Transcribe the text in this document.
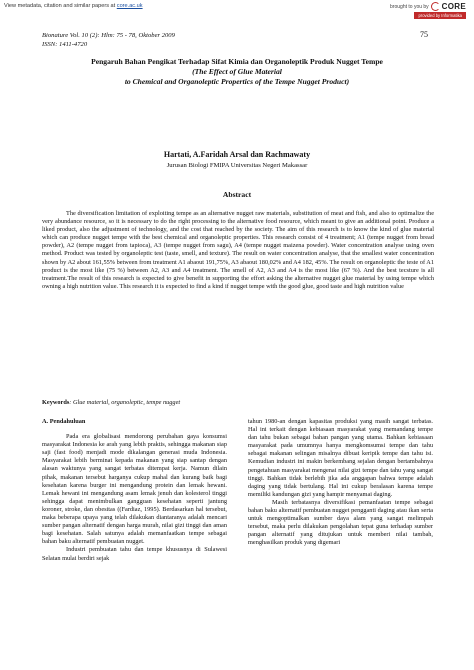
View metadata, citation and similar papers at core.ac.uk	brought to you by CORE
provided by Informatika
Bionature Vol. 10 (2): Hlm: 75 - 78, Oktober 2009
ISSN: 1411-4720
75
Pengaruh Bahan Pengikat Terhadap Sifat Kimia dan Organoleptik Produk Nugget Tempe
(The Effect of Glue Material
to Chemical and Organoleptic Propertics of the Tempe Nugget Product)
Hartati, A.Faridah Arsal dan Rachmawaty
Jurusan Biologi FMIPA Universitas Negeri Makassar
Abstract

The diversification limitation of exploiting tempe as an alternative nugget raw materials, substitution of meat and fish, and also to optimalize the very abundance resource, so it is necessary to do the right processing to the alternative food resource, which meant to give an additional point. Produce a liked product, also the adjustment of technology, and the cost that reached by the society. The aim of this research is to know the kind of glue material which can produce nugget tempe with the best chemical and organoleptic properties. This research consist of 4 treatment; A1 (tempe nugget from bread powder), A2 (tempe nugget from tapioca), A3 (tempe nugget from sagu), A4 (tempe nugget maizena powder). Water concentration analyse using oven method. Product was tested by organoleptic test (taste, smell, and texture). The result on water concentration analyse, that the smallest water concentration shown by A2 about 161,55% between from treatment A1 abaout 191,75%, A3 abaout 180,02% and A4 182, 45%. The result on organoleptic the teste of A1 product is the most like (75 %) between A2, A3 and A4 treatment. The smell of A2, A3 and A4 is the most like (67 %). And the best tecsture is all treatment.The result of this research is expected to give benefit in supporting the effort asking the alternative nugget glue material by using tempe which owning a high nutrition value. This research it is expected to find a kind if nugget tempe with the good glue, good taste and high nutrition value

Keywords: Glue material, organoleptic, tempe nugget
A. Pendahuluan

Pada era globalisasi mendorong perubahan gaya konsumsi masyarakat Indonesia ke arah yang lebih praktis, sehingga makanan siap saji (fast food) menjadi mode dikalangan generasi muda Indonesia. Masyarakat lebih berminat kepada makanan yang siap santap dengan alasan waktunya yang sangat terbatas ditempat kerja. Namun dilain pihak, makanan tersebut harganya cukup mahal dan kurang baik bagi kesehatan karena burger ini mengandung protein dan lemak hewani. Lemak hewani ini mengandung asam lemak jenuh dan kolesterol tinggi sehingga dapat menimbulkan gangguan kesehatan seperti jantung koroner, stroke, dan obesitas ((Fardiaz, 1995). Berdasarkan hal tersebut, maka beberapa upaya yang telah dilakukan diantaranya adalah mencari sumber pangan alternatif dengan harga murah, nilai gizi tinggi dan aman bagi kesehatan. Salah satunya adalah memanfaatkan tempe sebagai bahan baku alternatif pembuatan nugget.

Industri pembuatan tahu dan tempe khususnya di Sulawesi Selatan mulai berdiri sejak

tahun 1980-an dengan kapasitas produksi yang masih sangat terbatas. Hal ini terkait dengan kebiasaan masyarakat yang memandang tempe dan tahu bukan sebagai bahan pangan yang utama. Bahkan kebiasaan masyarakat pada umumnya hanya mengkomsumsi tempe dan tahu sebagai makanan selingan misalnya dibuat keripik tempe dan tahu isi. Kemudian industri ini makin berkembang sejalan dengan bertambahnya pengetahuan masyarakat mengenai nilai gizi tempe dan tahu yang sangat tinggi. Bahkan tidak berlebih jika ada anggapan bahwa tempe adalah daging yang tidak bertulang. Hal ini cukup beralasan karena tempe memiliki kandungan gizi yang hampir menyamai daging.

Masih terbatasnya diversifikasi pemanfaatan tempe sebagai bahan baku alternatif pembuatan nugget pengganti daging atau ikan serta untuk mengoptimalkan sumber daya alam yang sangat melimpah tersebut, maka perlu dilakukan pengolahan tepat guna terhadap sumber pangan alternatif yang ditujukan untuk memberi nilai tambah, menghasilkan produk yang digemari
